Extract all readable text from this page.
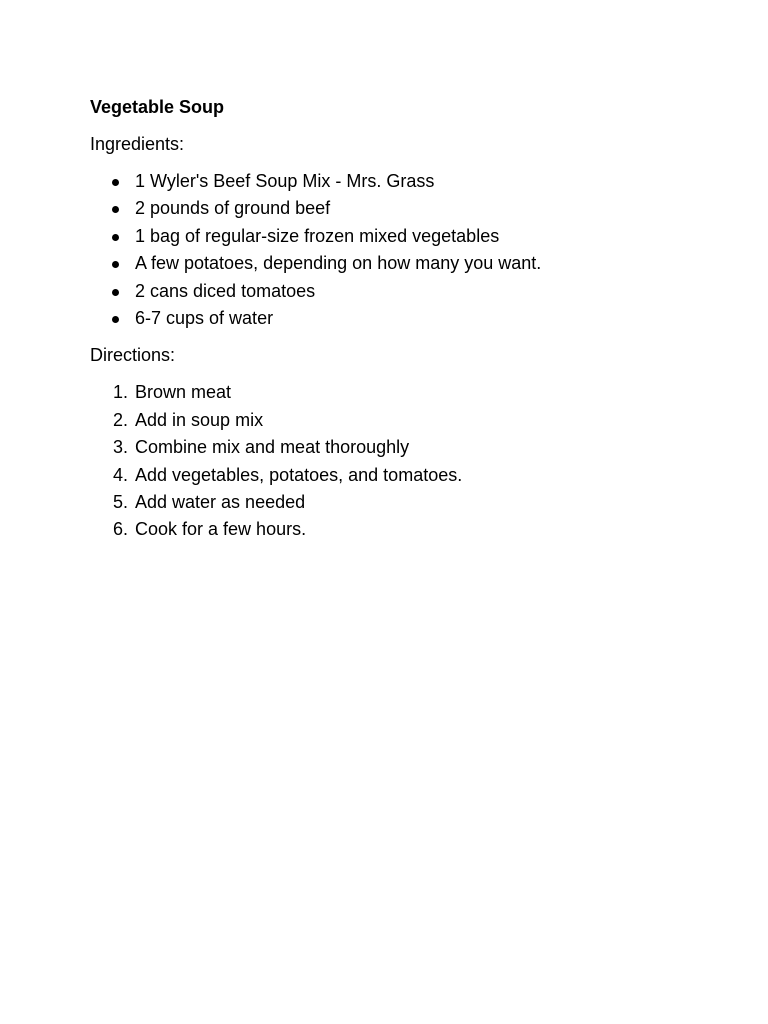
Vegetable Soup
Ingredients:
1 Wyler's Beef Soup Mix - Mrs. Grass
2 pounds of ground beef
1 bag of regular-size frozen mixed vegetables
A few potatoes, depending on how many you want.
2 cans diced tomatoes
6-7 cups of water
Directions:
1. Brown meat
2. Add in soup mix
3. Combine mix and meat thoroughly
4. Add vegetables, potatoes, and tomatoes.
5. Add water as needed
6. Cook for a few hours.
